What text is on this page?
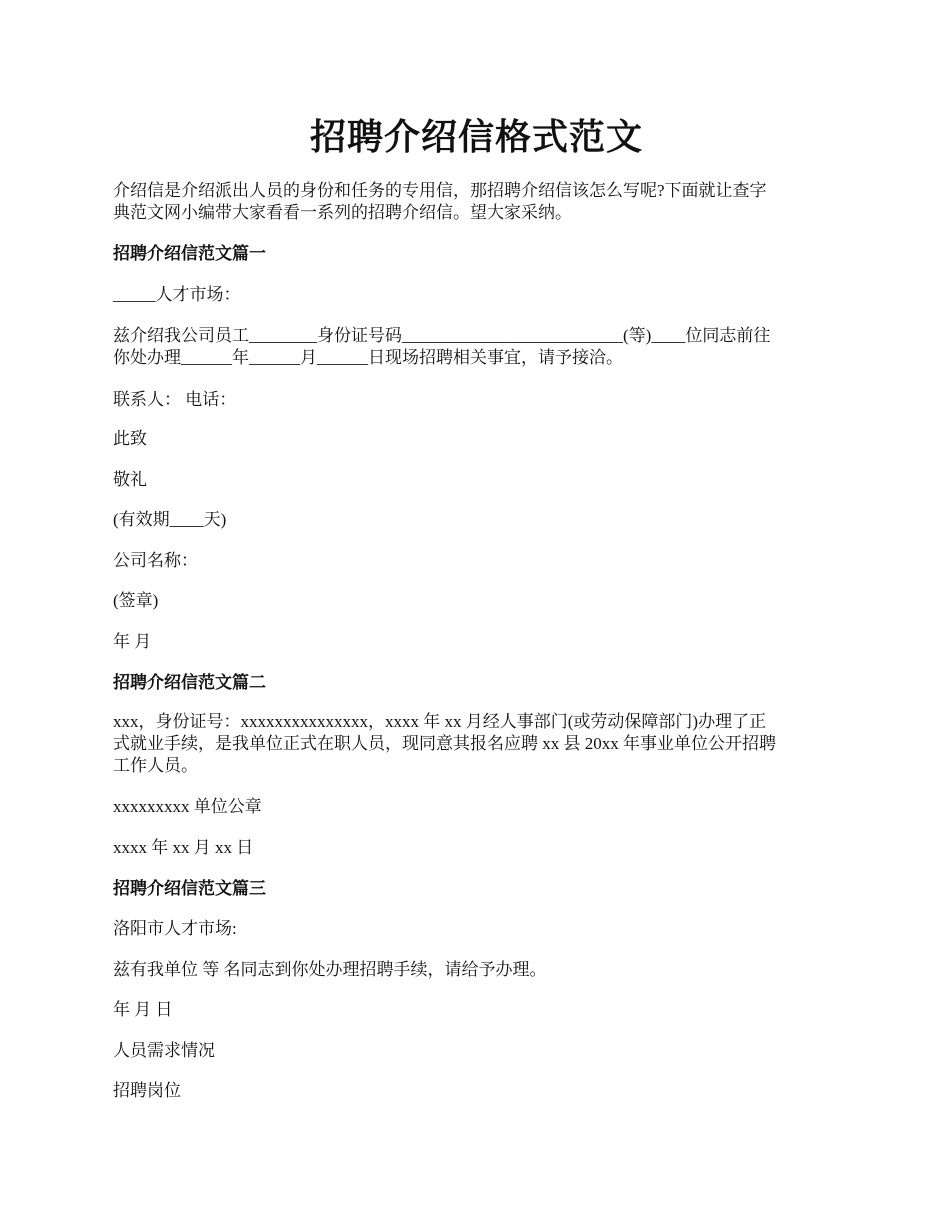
招聘介绍信格式范文

介绍信是介绍派出人员的身份和任务的专用信，那招聘介绍信该怎么写呢?下面就让查字
典范文网小编带大家看看一系列的招聘介绍信。望大家采纳。

招聘介绍信范文篇一

_____人才市场：

兹介绍我公司员工________身份证号码__________________________(等)____位同志前往
你处办理______年______月______日现场招聘相关事宜，请予接洽。

联系人： 电话：

此致

敬礼

(有效期____天)

公司名称：

(签章)

年 月

招聘介绍信范文篇二

xxx，身份证号：xxxxxxxxxxxxxxx，xxxx 年 xx 月经人事部门(或劳动保障部门)办理了正
式就业手续，是我单位正式在职人员，现同意其报名应聘 xx 县 20xx 年事业单位公开招聘
工作人员。

xxxxxxxxx 单位公章

xxxx 年 xx 月 xx 日

招聘介绍信范文篇三

洛阳市人才市场:

兹有我单位 等 名同志到你处办理招聘手续，请给予办理。

年 月 日

人员需求情况

招聘岗位
